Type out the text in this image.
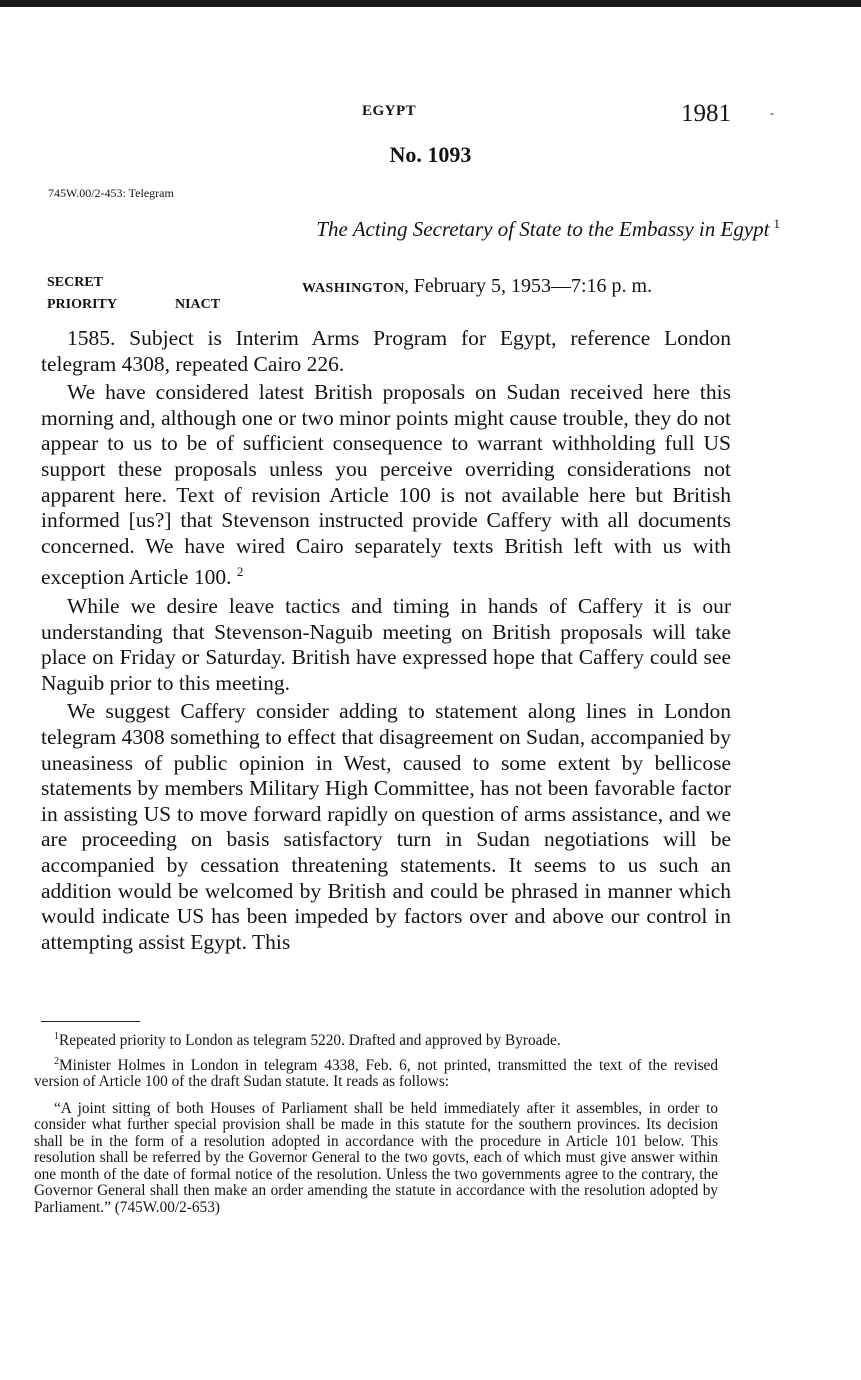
EGYPT	1981	-
No. 1093
745W.00/2-453: Telegram
The Acting Secretary of State to the Embassy in Egypt $^1$
SECRET
PRIORITY	NIACT
WASHINGTON, February 5, 1953—7:16 p. m.

1585. Subject is Interim Arms Program for Egypt, reference London telegram 4308, repeated Cairo 226.

We have considered latest British proposals on Sudan received here this morning and, although one or two minor points might cause trouble, they do not appear to us to be of sufficient consequence to warrant withholding full US support these proposals unless you perceive overriding considerations not apparent here. Text of revision Article 100 is not available here but British informed [us?] that Stevenson instructed provide Caffery with all documents concerned. We have wired Cairo separately texts British left with us with exception Article 100. $^2$

While we desire leave tactics and timing in hands of Caffery it is our understanding that Stevenson-Naguib meeting on British proposals will take place on Friday or Saturday. British have expressed hope that Caffery could see Naguib prior to this meeting.

We suggest Caffery consider adding to statement along lines in London telegram 4308 something to effect that disagreement on Sudan, accompanied by uneasiness of public opinion in West, caused to some extent by bellicose statements by members Military High Committee, has not been favorable factor in assisting US to move forward rapidly on question of arms assistance, and we are proceeding on basis satisfactory turn in Sudan negotiations will be accompanied by cessation threatening statements. It seems to us such an addition would be welcomed by British and could be phrased in manner which would indicate US has been impeded by factors over and above our control in attempting assist Egypt. This

$^1$Repeated priority to London as telegram 5220. Drafted and approved by Byroade.

$^2$Minister Holmes in London in telegram 4338, Feb. 6, not printed, transmitted the text of the revised version of Article 100 of the draft Sudan statute. It reads as follows:

“A joint sitting of both Houses of Parliament shall be held immediately after it assembles, in order to consider what further special provision shall be made in this statute for the southern provinces. Its decision shall be in the form of a resolution adopted in accordance with the procedure in Article 101 below. This resolution shall be referred by the Governor General to the two govts, each of which must give answer within one month of the date of formal notice of the resolution. Unless the two governments agree to the contrary, the Governor General shall then make an order amending the statute in accordance with the resolution adopted by Parliament.” (745W.00/2-653)
